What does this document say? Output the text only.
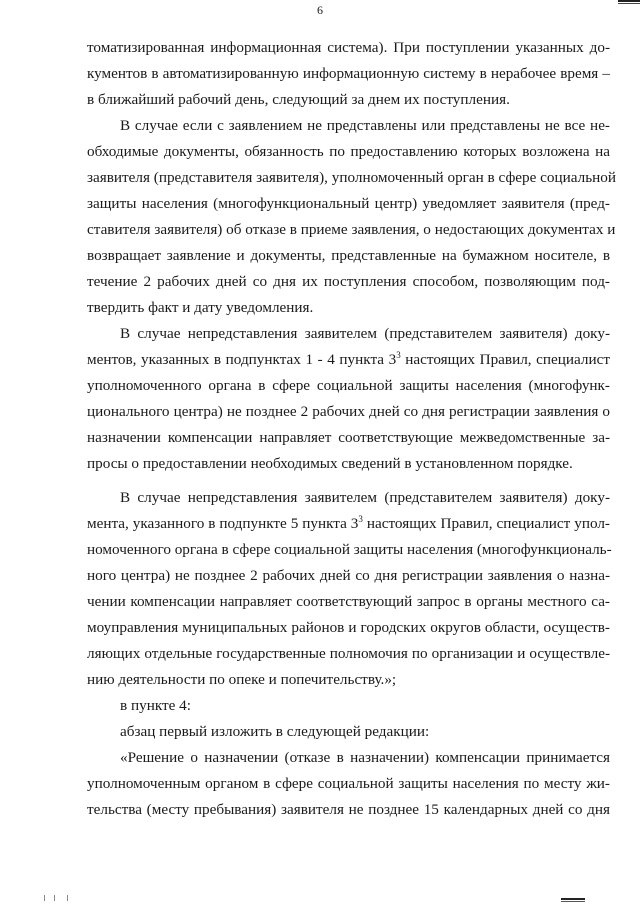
6
томатизированная информационная система). При поступлении указанных до-
кументов в автоматизированную информационную систему в нерабочее время –
в ближайший рабочий день, следующий за днем их поступления.
В случае если с заявлением не представлены или представлены не все не-
обходимые документы, обязанность по предоставлению которых возложена на
заявителя (представителя заявителя), уполномоченный орган в сфере социальной
защиты населения (многофункциональный центр) уведомляет заявителя (пред-
ставителя заявителя) об отказе в приеме заявления, о недостающих документах и
возвращает заявление и документы, представленные на бумажном носителе, в
течение 2 рабочих дней со дня их поступления способом, позволяющим под-
твердить факт и дату уведомления.
В случае непредставления заявителем (представителем заявителя) доку-
ментов, указанных в подпунктах 1 - 4 пункта $3^3$ настоящих Правил, специалист
уполномоченного органа в сфере социальной защиты населения (многофунк-
ционального центра) не позднее 2 рабочих дней со дня регистрации заявления о
назначении компенсации направляет соответствующие межведомственные за-
просы о предоставлении необходимых сведений в установленном порядке.
В случае непредставления заявителем (представителем заявителя) доку-
мента, указанного в подпункте 5 пункта $3^3$ настоящих Правил, специалист упол-
номоченного органа в сфере социальной защиты населения (многофункциональ-
ного центра) не позднее 2 рабочих дней со дня регистрации заявления о назна-
чении компенсации направляет соответствующий запрос в органы местного са-
моуправления муниципальных районов и городских округов области, осуществ-
ляющих отдельные государственные полномочия по организации и осуществле-
нию деятельности по опеке и попечительству.»;
в пункте 4:
абзац первый изложить в следующей редакции:
«Решение о назначении (отказе в назначении) компенсации принимается
уполномоченным органом в сфере социальной защиты населения по месту жи-
тельства (месту пребывания) заявителя не позднее 15 календарных дней со дня
